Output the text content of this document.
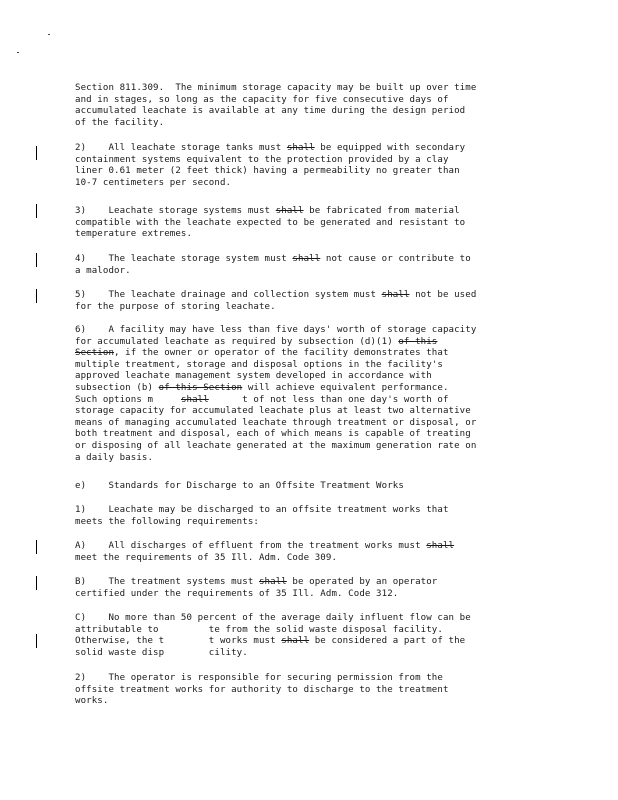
Section 811.309.  The minimum storage capacity may be built up over time
and in stages, so long as the capacity for five consecutive days of
accumulated leachate is available at any time during the design period
of the facility.
2)    All leachate storage tanks must shall be equipped with secondary
containment systems equivalent to the protection provided by a clay
liner 0.61 meter (2 feet thick) having a permeability no greater than
10-7 centimeters per second.
3)    Leachate storage systems must shall be fabricated from material
compatible with the leachate expected to be generated and resistant to
temperature extremes.
4)    The leachate storage system must shall not cause or contribute to
a malodor.
5)    The leachate drainage and collection system must shall not be used
for the purpose of storing leachate.
6)    A facility may have less than five days' worth of storage capacity
for accumulated leachate as required by subsection (d)(1) of this
Section, if the owner or operator of the facility demonstrates that
multiple treatment, storage and disposal options in the facility's
approved leachate management system developed in accordance with
subsection (b) of this Section will achieve equivalent performance.
Such options m     shall      t of not less than one day's worth of
storage capacity for accumulated leachate plus at least two alternative
means of managing accumulated leachate through treatment or disposal, or
both treatment and disposal, each of which means is capable of treating
or disposing of all leachate generated at the maximum generation rate on
a daily basis.
e)    Standards for Discharge to an Offsite Treatment Works
1)    Leachate may be discharged to an offsite treatment works that
meets the following requirements:
A)    All discharges of effluent from the treatment works must shall
meet the requirements of 35 Ill. Adm. Code 309.
B)    The treatment systems must shall be operated by an operator
certified under the requirements of 35 Ill. Adm. Code 312.
C)    No more than 50 percent of the average daily influent flow can be
attributable to         te from the solid waste disposal facility.
Otherwise, the t        t works must shall be considered a part of the
solid waste disp        cility.
2)    The operator is responsible for securing permission from the
offsite treatment works for authority to discharge to the treatment
works.
